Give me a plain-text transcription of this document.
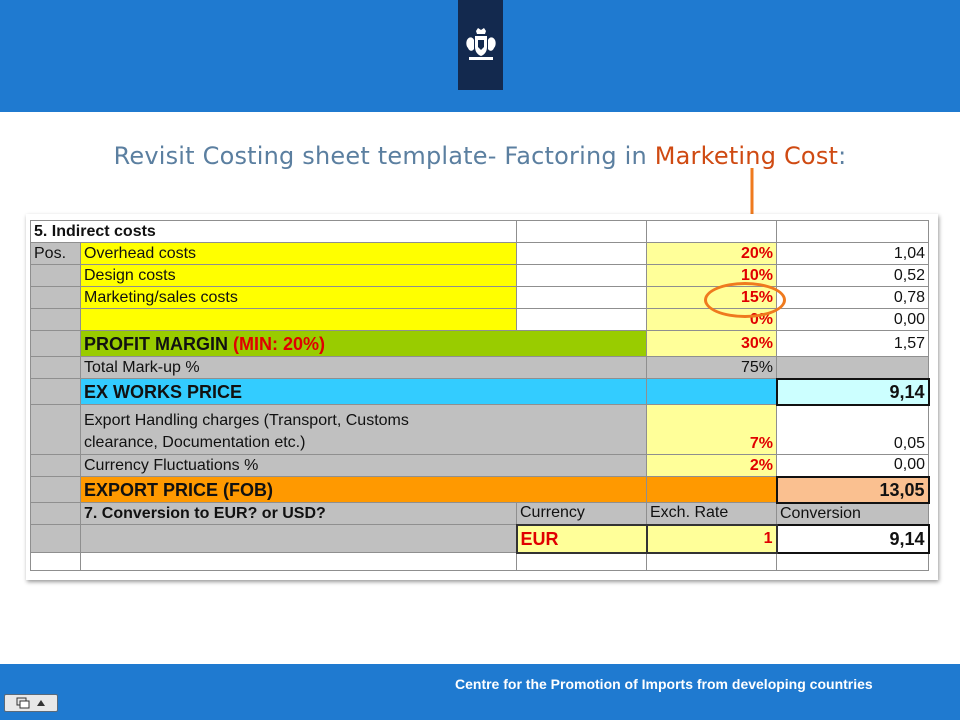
Revisit Costing sheet template- Factoring in Marketing Cost:
5. Indirect costs				
Pos.	Overhead costs		20%	1,04
	Design costs		10%	0,52
	Marketing/sales costs		15%	0,78
			0%	0,00
	PROFIT MARGIN (MIN: 20%)		30%	1,57
	Total Mark-up %		75%	
	EX WORKS PRICE			9,14

	Export Handling charges (Transport, Customs
clearance, Documentation etc.)		7%	0,05
	Currency Fluctuations %		2%	0,00
	EXPORT PRICE (FOB)			13,05
	7. Conversion to EUR? or USD?	Currency	Exch. Rate	Conversion
		EUR	1	9,14

Centre for the Promotion of Imports from developing countries
